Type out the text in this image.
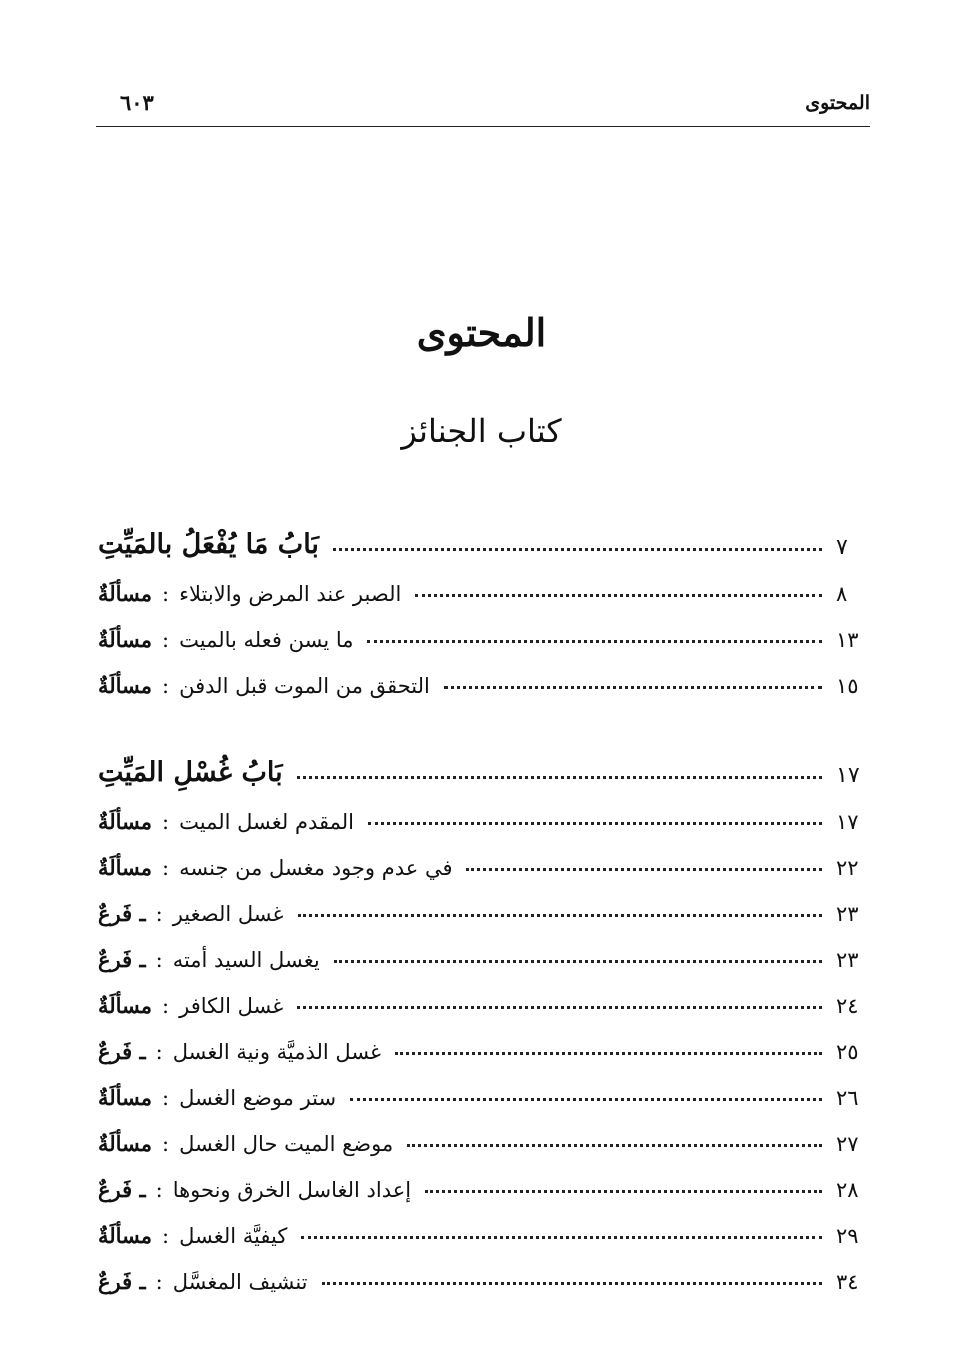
المحتوى
٦٠٣
المحتوى
كتاب الجنائز
بَابُ مَا يُفْعَلُ بالمَيِّتِ	٧
مسألَةٌ : الصبر عند المرض والابتلاء	٨
مسألَةٌ : ما يسن فعله بالميت	١٣
مسألَةٌ : التحقق من الموت قبل الدفن	١٥
بَابُ غُسْلِ المَيِّتِ	١٧
مسألَةٌ : المقدم لغسل الميت	١٧
مسألَةٌ : في عدم وجود مغسل من جنسه	٢٢
ـ فَرعٌ : غسل الصغير	٢٣
ـ فَرعٌ : يغسل السيد أمته	٢٣
مسألَةٌ : غسل الكافر	٢٤
ـ فَرعٌ : غسل الذميَّة ونية الغسل	٢٥
مسألَةٌ : ستر موضع الغسل	٢٦
مسألَةٌ : موضع الميت حال الغسل	٢٧
ـ فَرعٌ : إعداد الغاسل الخرق ونحوها	٢٨
مسألَةٌ : كيفيَّة الغسل	٢٩
ـ فَرعٌ : تنشيف المغسَّل	٣٤
